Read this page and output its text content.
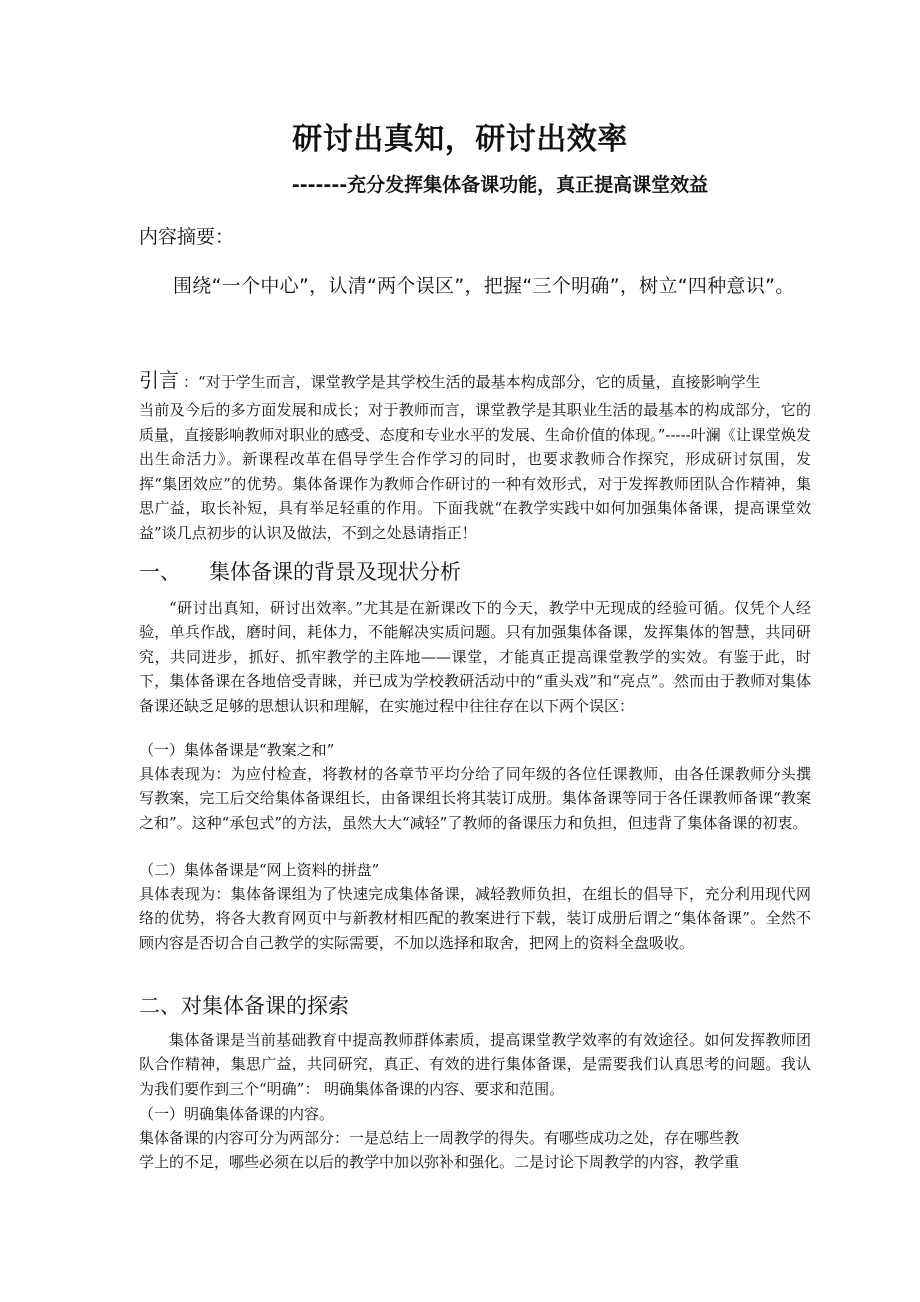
研讨出真知，研讨出效率
-------充分发挥集体备课功能，真正提高课堂效益
内容摘要：
围绕“一个中心”，认清“两个误区”，把握“三个明确”，树立“四种意识”。
引言 ：“对于学生而言，课堂教学是其学校生活的最基本构成部分，它的质量，直接影响学生
当前及今后的多方面发展和成长；对于教师而言，课堂教学是其职业生活的最基本的构成部分，它的质量，直接影响教师对职业的感受、态度和专业水平的发展、生命价值的体现。”-----叶澜《让课堂焕发出生命活力》。新课程改革在倡导学生合作学习的同时，也要求教师合作探究，形成研讨氛围，发挥“集团效应”的优势。集体备课作为教师合作研讨的一种有效形式，对于发挥教师团队合作精神，集思广益，取长补短，具有举足轻重的作用。下面我就“在教学实践中如何加强集体备课，提高课堂效益”谈几点初步的认识及做法，不到之处恳请指正！
一、 集体备课的背景及现状分析
“研讨出真知，研讨出效率。”尤其是在新课改下的今天，教学中无现成的经验可循。仅凭个人经验，单兵作战，磨时间，耗体力，不能解决实质问题。只有加强集体备课，发挥集体的智慧，共同研究，共同进步，抓好、抓牢教学的主阵地——课堂，才能真正提高课堂教学的实效。有鉴于此，时下，集体备课在各地倍受青睐，并已成为学校教研活动中的“重头戏”和“亮点”。然而由于教师对集体备课还缺乏足够的思想认识和理解，在实施过程中往往存在以下两个误区：
（一）集体备课是“教案之和”
具体表现为：为应付检查，将教材的各章节平均分给了同年级的各位任课教师，由各任课教师分头撰写教案，完工后交给集体备课组长，由备课组长将其装订成册。集体备课等同于各任课教师备课“教案之和”。这种“承包式”的方法，虽然大大“减轻”了教师的备课压力和负担，但违背了集体备课的初衷。
（二）集体备课是“网上资料的拼盘”
具体表现为：集体备课组为了快速完成集体备课，减轻教师负担，在组长的倡导下，充分利用现代网络的优势，将各大教育网页中与新教材相匹配的教案进行下载，装订成册后谓之“集体备课”。全然不顾内容是否切合自己教学的实际需要，不加以选择和取舍，把网上的资料全盘吸收。
二、对集体备课的探索
集体备课是当前基础教育中提高教师群体素质，提高课堂教学效率的有效途径。如何发挥教师团队合作精神，集思广益，共同研究，真正、有效的进行集体备课，是需要我们认真思考的问题。我认为我们要作到三个“明确”： 明确集体备课的内容、要求和范围。
（一）明确集体备课的内容。
集体备课的内容可分为两部分：一是总结上一周教学的得失。有哪些成功之处，存在哪些教
学上的不足，哪些必须在以后的教学中加以弥补和强化。二是讨论下周教学的内容，教学重
